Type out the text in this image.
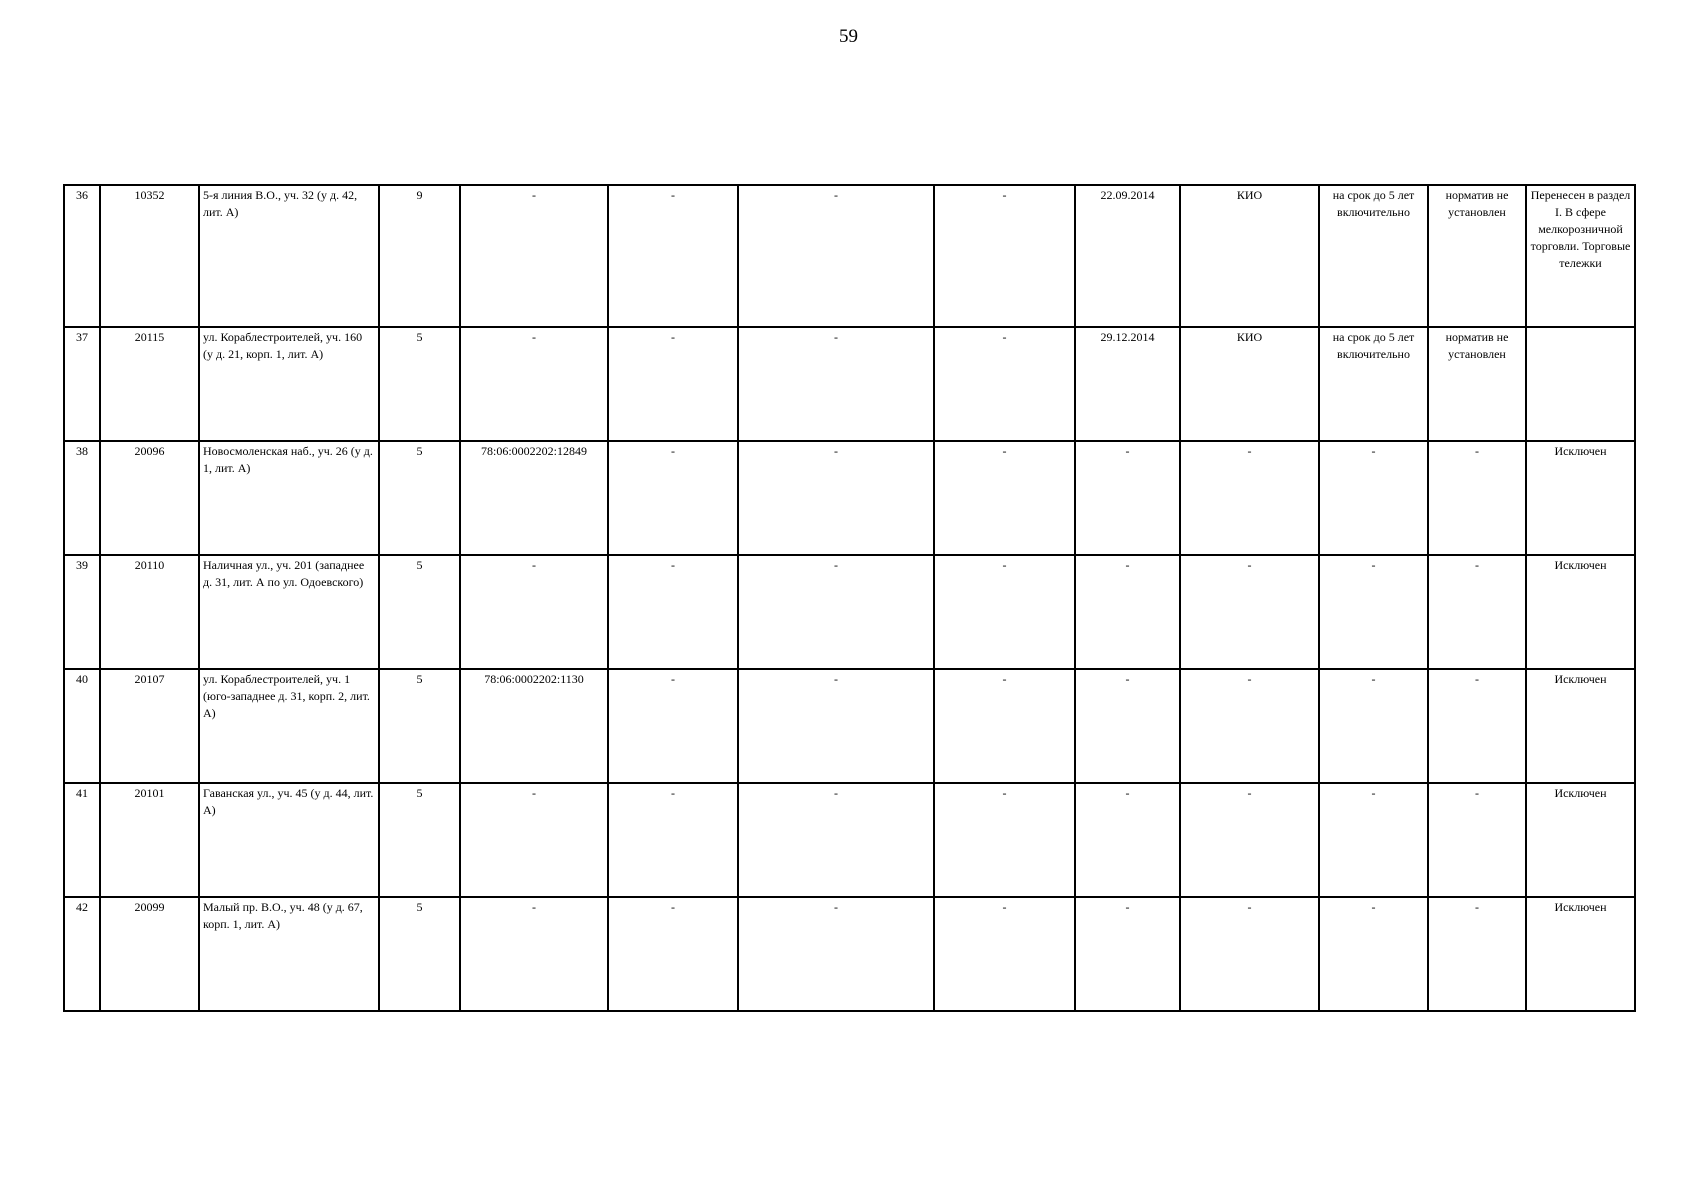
59
36	10352	5-я линия В.О., уч. 32 (у д. 42, лит. А)	9	-	-	-	-	22.09.2014	КИО	на срок до 5 лет включительно	норматив не установлен	Перенесен в раздел I. В сфере мелкорозничной торговли. Торговые тележки
37	20115	ул. Кораблестроителей, уч. 160 (у д. 21, корп. 1, лит. А)	5	-	-	-	-	29.12.2014	КИО	на срок до 5 лет включительно	норматив не установлен	
38	20096	Новосмоленская наб., уч. 26 (у д. 1, лит. А)	5	78:06:0002202:12849	-	-	-	-	-	-	-	Исключен
39	20110	Наличная ул., уч. 201 (западнее д. 31, лит. А по ул. Одоевского)	5	-	-	-	-	-	-	-	-	Исключен
40	20107	ул. Кораблестроителей, уч. 1 (юго-западнее д. 31, корп. 2, лит. А)	5	78:06:0002202:1130	-	-	-	-	-	-	-	Исключен
41	20101	Гаванская ул., уч. 45 (у д. 44, лит. А)	5	-	-	-	-	-	-	-	-	Исключен
42	20099	Малый пр. В.О., уч. 48 (у д. 67, корп. 1, лит. А)	5	-	-	-	-	-	-	-	-	Исключен
